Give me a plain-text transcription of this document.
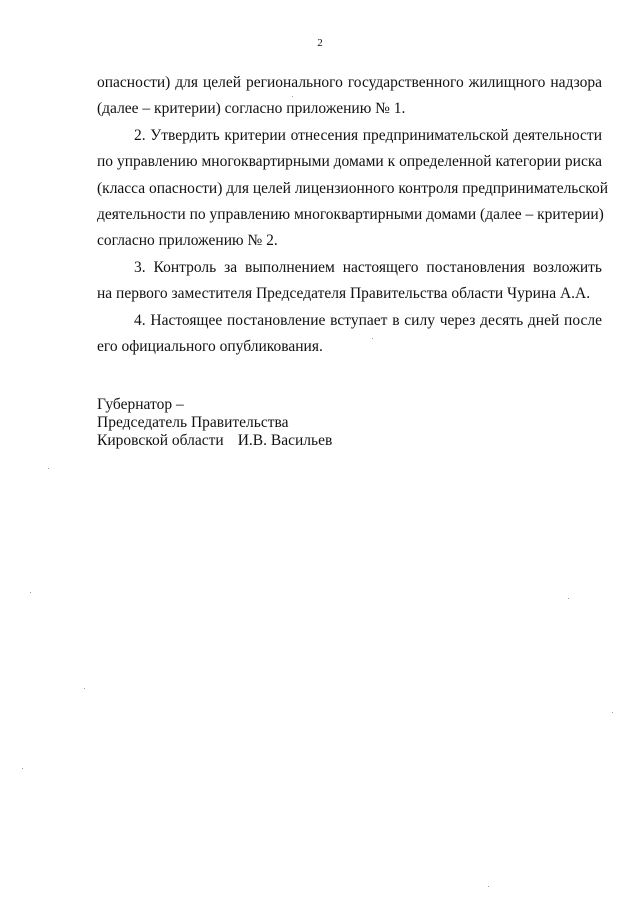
2

опасности) для целей регионального государственного жилищного надзора
(далее – критерии) согласно приложению № 1.

2. Утвердить критерии отнесения предпринимательской деятельности
по управлению многоквартирными домами к определенной категории риска
(класса опасности) для целей лицензионного контроля предпринимательской
деятельности по управлению многоквартирными домами (далее – критерии)
согласно приложению № 2.

3. Контроль за выполнением настоящего постановления возложить
на первого заместителя Председателя Правительства области Чурина А.А.

4. Настоящее постановление вступает в силу через десять дней после
его официального опубликования.

Губернатор –
Председатель Правительства
Кировской области И.В. Васильев
